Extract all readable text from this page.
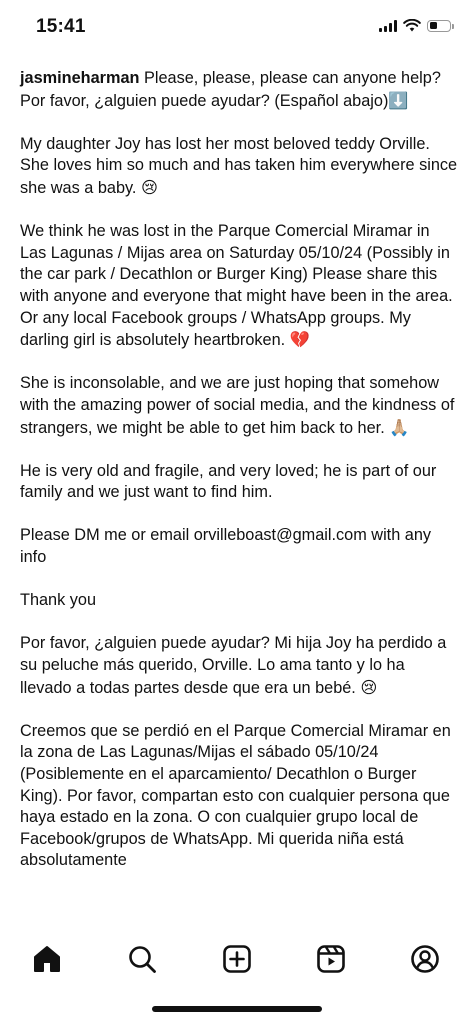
15:41

jasmineharman Please, please, please can anyone help? Por favor, ¿alguien puede ayudar? (Español abajo)⬇️

My daughter Joy has lost her most beloved teddy Orville. She loves him so much and has taken him everywhere since she was a baby. 😢

We think he was lost in the Parque Comercial Miramar in Las Lagunas / Mijas area on Saturday 05/10/24 (Possibly in the car park / Decathlon or Burger King) Please share this with anyone and everyone that might have been in the area. Or any local Facebook groups / WhatsApp groups. My darling girl is absolutely heartbroken. 💔

She is inconsolable, and we are just hoping that somehow with the amazing power of social media, and the kindness of strangers, we might be able to get him back to her. 🙏🏼

He is very old and fragile, and very loved; he is part of our family and we just want to find him.

Please DM me or email orvilleboast@gmail.com with any info

Thank you

Por favor, ¿alguien puede ayudar? Mi hija Joy ha perdido a su peluche más querido, Orville. Lo ama tanto y lo ha llevado a todas partes desde que era un bebé. 😢

Creemos que se perdió en el Parque Comercial Miramar en la zona de Las Lagunas/Mijas el sábado 05/10/24 (Posiblemente en el aparcamiento/ Decathlon o Burger King). Por favor, compartan esto con cualquier persona que haya estado en la zona. O con cualquier grupo local de Facebook/grupos de WhatsApp. Mi querida niña está absolutamente
